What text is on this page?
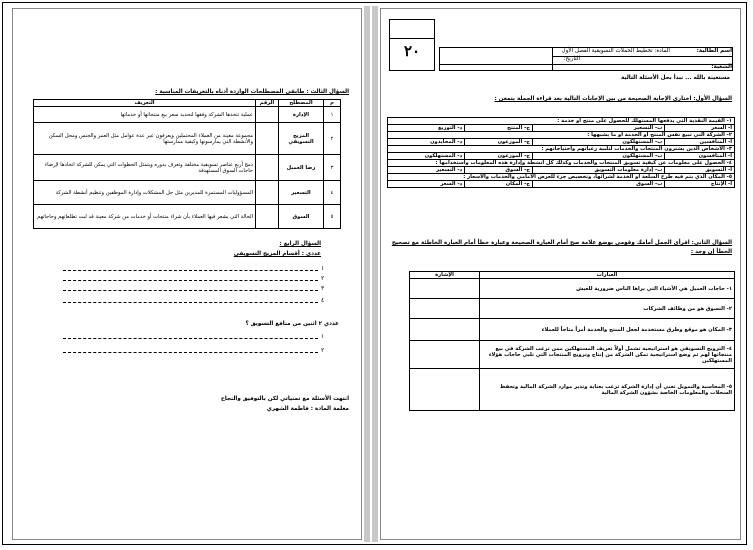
٢٠	اسم الطالبة:
المادة: تخطيط الحملات التسويقية الفصل الأول
الشعبة:
التاريخ:
مستعينة بالله ... نبدأ بحل الأسئلة التالية
السؤال الأول: اختاري الإجابة الصحيحة من بين الإجابات التالية بعد قراءة الجملة بتمعن :
١- القيمة النقدية التي يدفعها المستهلك للحصول على منتج أو خدمة :			
أ- السعر	ب- التسعير	ج- المنتج	د- التوزيع
٢- الشركة التي تبيع نفس المنتج أو الخدمة أو ما يشبهها :			
أ- المنافسين	ب- المستهلكون	ج- الموزعون	د- المحايدون
٣- الأشخاص الذين يشترون المنتجات والخدمات لتلبية رغباتهم واحتياجاتهم :			
أ- المنافسون	ب- المستهلكون	ج- الموزعون	د- المستهلكون
٤- الحصول على معلومات عن كيفية تسويق المنتجات والخدمات وكذلك كل أنشطة وإدارة هذه المعلومات واستخدامها :			
أ- التسويق	ب- إدارة معلومات التسويق	ج- السوق	د- التسعير
٥- المكان الذي يتم فيه طرح السلعة أو الخدمة لشرائها، وتخصيص جزء للعرض الأمامي والخدمات والأسعار :			
أ- الإنتاج	ب- السوق	ج- المكان	د- السعر
السؤال الثاني: اقرأي الجمل أمامك وقومي بوضع علامة صح أمام العبارة الصحيحة وعبارة خطأ أمام العبارة الخاطئة مع تصحيح الخطأ إن وجد :
العبارات	الإشارة
١- حاجات العميل هي الأشياء التي يراها الناس ضرورية للعيش	
٢- التسوق هو من وظائف الشركات	
٣- المكان هو موقع وطرق مستخدمة لجعل المنتج والخدمة أمراً متاحاً للعملاء	
٤- الترويج التسويقي هو استراتيجية تشمل أولاً تعريف المستهلكين ممن ترغب الشركة في بيع منتجاتها لهم ثم وضع استراتيجية تمكن الشركة من إنتاج وترويج المنتجات التي تلبي حاجات هؤلاء المستهلكين	
٥- المحاسبة والتمويل تعني أن إدارة الشركة ترغب بعناية وتدير موارد الشركة المالية وتحفظ السجلات والمعلومات الخاصة بشؤون الشركة المالية	
السؤال الثالث : طابقي المصطلحات الواردة أدناه بالتعريفات المناسبة :
م	المصطلح	الرقم	التعريف
١	الإدارة		عملية تتخذها الشركة وفقها لتحديد سعر بيع منتجاتها أو خدماتها
٢	المزيج التسويقي		مجموعة معينة من العملاء المحتملين ويعرفون عبر عدة عوامل مثل العمر والجنس ومحل السكن والأنشطة التي يمارسونها وكيفية ممارستها
٣	رضا العميل		دمج أربع عناصر تسويقية مختلفة وتعرف بدوره ويتمثل الخطوات التي يمكن للشركة اتخاذها لإرضاء حاجات السوق المستهدفة
٤	التسعير		المسؤوليات المستمرة للمديرين مثل حل المشكلات وإدارة الموظفين وتنظيم أنشطة الشركة
٥	السوق		الحالة التي يشعر فيها العملاء بأن شراء منتجات أو خدمات من شركة معينة قد لبت تطلعاتهم وحاجاتهم
السؤال الرابع :
عددي : أقسام المزيج التسويقي
١
٢
٣
٤
عددي ٢ اثنين من منافع التسويق ؟
١
٢
انتهت الأسئلة مع تمنياتي لكن بالتوفيق والنجاح
معلمة المادة : فاطمة الشهري
